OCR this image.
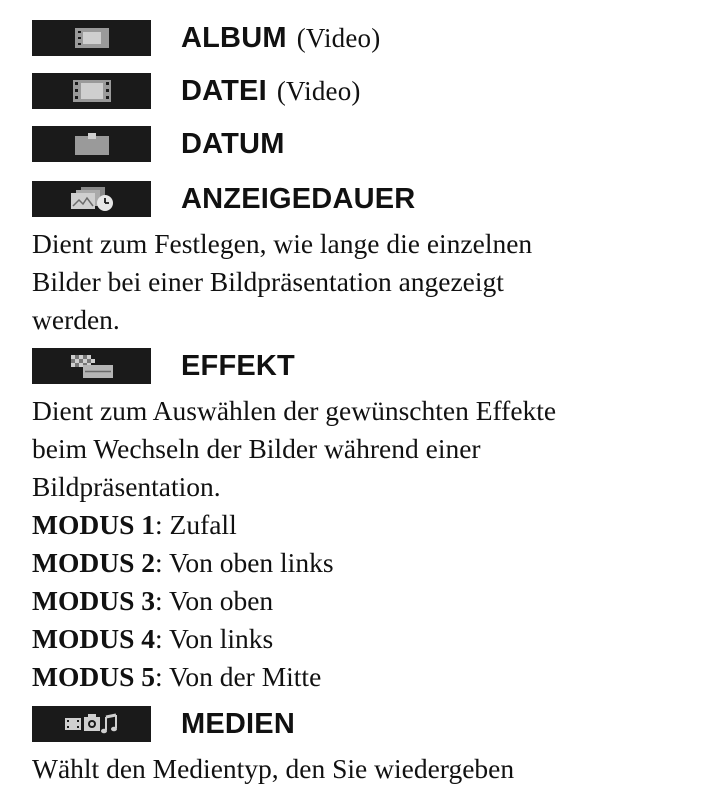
ALBUM (Video)
DATEI (Video)
DATUM
ANZEIGEDAUER

Dient zum Festlegen, wie lange die einzelnen

Bilder bei einer Bildpräsentation angezeigt

werden.

EFFEKT

Dient zum Auswählen der gewünschten Effekte

beim Wechseln der Bilder während einer

Bildpräsentation.

MODUS 1: Zufall
MODUS 2: Von oben links
MODUS 3: Von oben
MODUS 4: Von links
MODUS 5: Von der Mitte
MEDIEN

Wählt den Medientyp, den Sie wiedergeben
